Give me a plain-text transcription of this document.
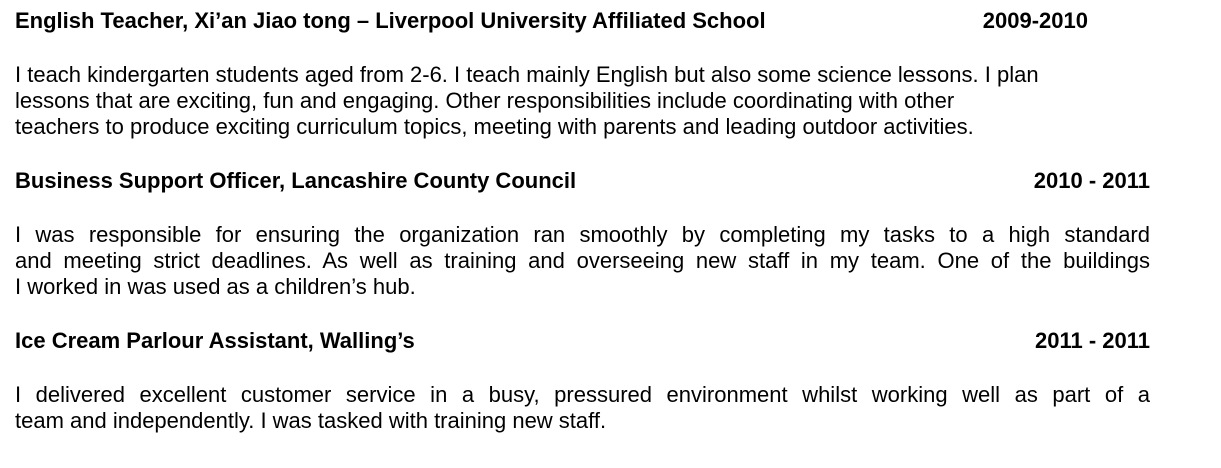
English Teacher, Xi’an Jiao tong – Liverpool University Affiliated School	2009-2010

I teach kindergarten students aged from 2-6. I teach mainly English but also some science lessons. I plan
lessons that are exciting, fun and engaging. Other responsibilities include coordinating with other
teachers to produce exciting curriculum topics, meeting with parents and leading outdoor activities.

Business Support Officer, Lancashire County Council	2010 - 2011

I was responsible for ensuring the organization ran smoothly by completing my tasks to a high standard
and meeting strict deadlines. As well as training and overseeing new staff in my team. One of the buildings
I worked in was used as a children’s hub.

Ice Cream Parlour Assistant, Walling’s	2011 - 2011

I delivered excellent customer service in a busy, pressured environment whilst working well as part of a
team and independently. I was tasked with training new staff.
